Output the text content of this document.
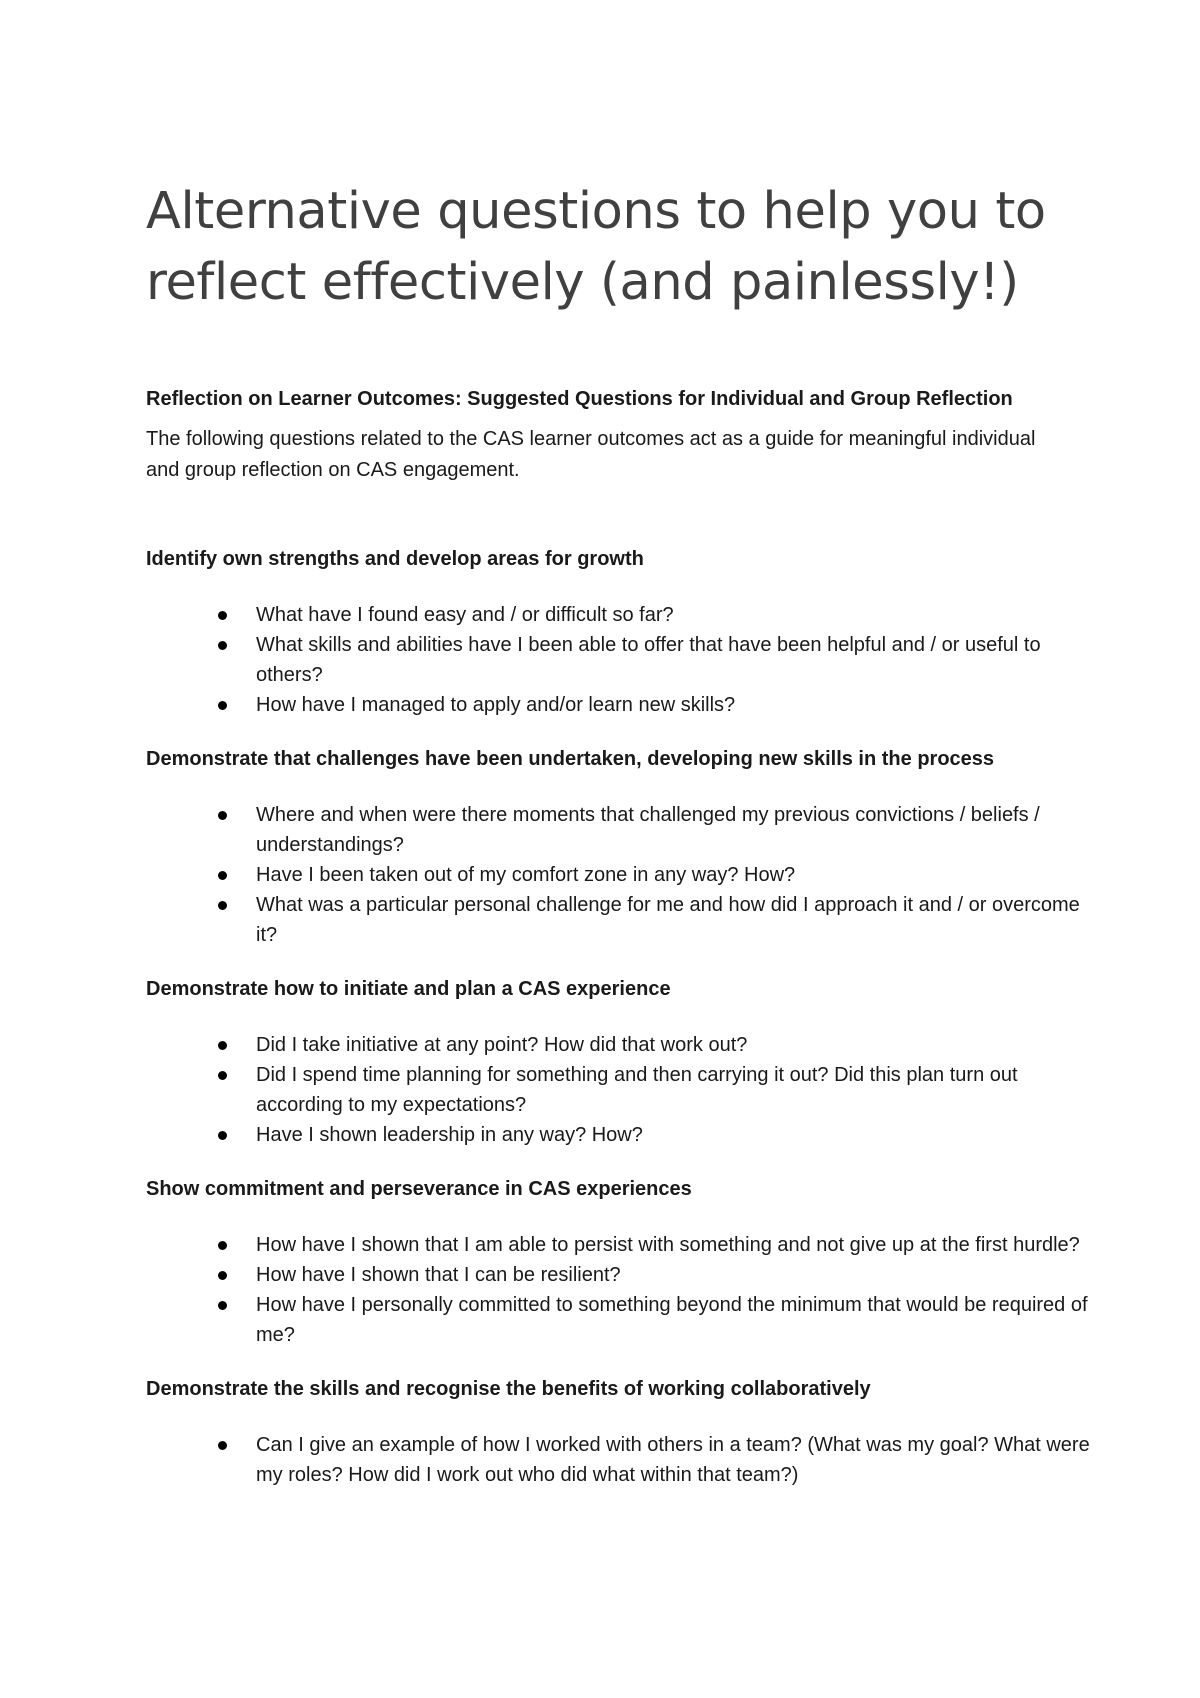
Alternative questions to help you to reflect effectively (and painlessly!)

Reflection on Learner Outcomes: Suggested Questions for Individual and Group Reflection

The following questions related to the CAS learner outcomes act as a guide for meaningful individual and group reflection on CAS engagement.

Identify own strengths and develop areas for growth

What have I found easy and / or difficult so far?
What skills and abilities have I been able to offer that have been helpful and / or useful to others?
How have I managed to apply and/or learn new skills?

Demonstrate that challenges have been undertaken, developing new skills in the process

Where and when were there moments that challenged my previous convictions / beliefs / understandings?
Have I been taken out of my comfort zone in any way? How?
What was a particular personal challenge for me and how did I approach it and / or overcome it?

Demonstrate how to initiate and plan a CAS experience

Did I take initiative at any point? How did that work out?
Did I spend time planning for something and then carrying it out? Did this plan turn out according to my expectations?
Have I shown leadership in any way? How?

Show commitment and perseverance in CAS experiences

How have I shown that I am able to persist with something and not give up at the first hurdle?
How have I shown that I can be resilient?
How have I personally committed to something beyond the minimum that would be required of me?

Demonstrate the skills and recognise the benefits of working collaboratively

Can I give an example of how I worked with others in a team? (What was my goal? What were my roles? How did I work out who did what within that team?)
